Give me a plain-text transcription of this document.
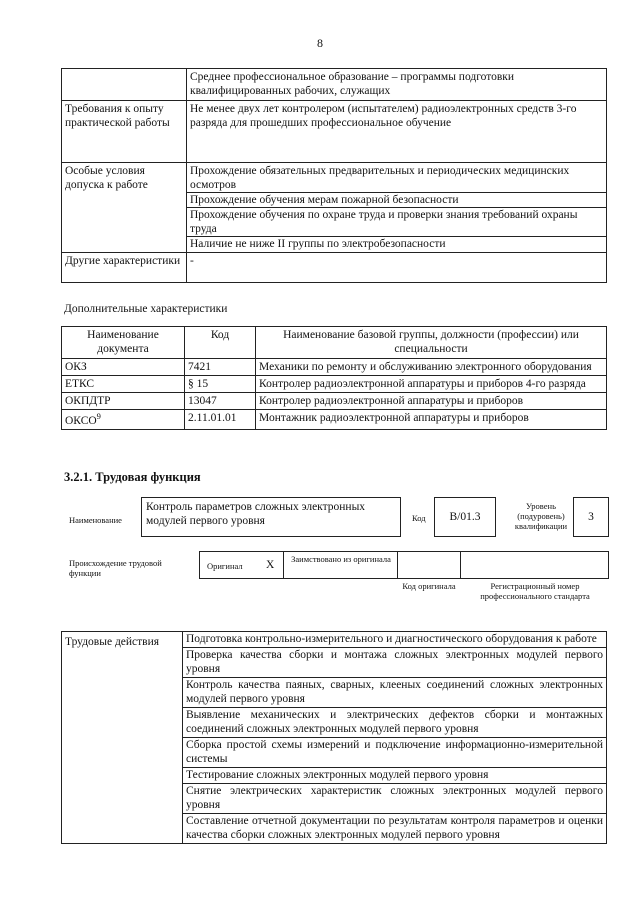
8
	Среднее профессиональное образование – программы подготовки квалифицированных рабочих, служащих
Требования к опыту практической работы	Не менее двух лет контролером (испытателем) радиоэлектронных средств 3-го разряда для прошедших профессиональное обучение
Особые условия допуска к работе	Прохождение обязательных предварительных и периодических медицинских осмотров
Прохождение обучения мерам пожарной безопасности
Прохождение обучения по охране труда и проверки знания требований охраны труда
Наличие не ниже II группы по электробезопасности

Другие характеристики	-
Дополнительные характеристики
Наименование документа	Код	Наименование базовой группы, должности (профессии) или специальности
ОКЗ	7421	Механики по ремонту и обслуживанию электронного оборудования
ЕТКС	§ 15	Контролер радиоэлектронной аппаратуры и приборов 4-го разряда
ОКПДТР	13047	Контролер радиоэлектронной аппаратуры и приборов
ОКСО$^9$	2.11.01.01	Монтажник радиоэлектронной аппаратуры и приборов
3.2.1. Трудовая функция
Наименование
Контроль параметров сложных электронных модулей первого уровня	Код	B/01.3
Уровень (подуровень) квалификации
3
Происхождение трудовой функции
Оригинал X	Заимствовано из оригинала
Код оригинала	Регистрационный номер профессионального стандарта
Трудовые действия	Подготовка контрольно-измерительного и диагностического оборудования к работе
Проверка качества сборки и монтажа сложных электронных модулей первого уровня
Контроль качества паяных, сварных, клееных соединений сложных электронных модулей первого уровня
Выявление механических и электрических дефектов сборки и монтажных соединений сложных электронных модулей первого уровня
Сборка простой схемы измерений и подключение информационно-измерительной системы
Тестирование сложных электронных модулей первого уровня
Снятие электрических характеристик сложных электронных модулей первого уровня
Составление отчетной документации по результатам контроля параметров и оценки качества сборки сложных электронных модулей первого уровня
